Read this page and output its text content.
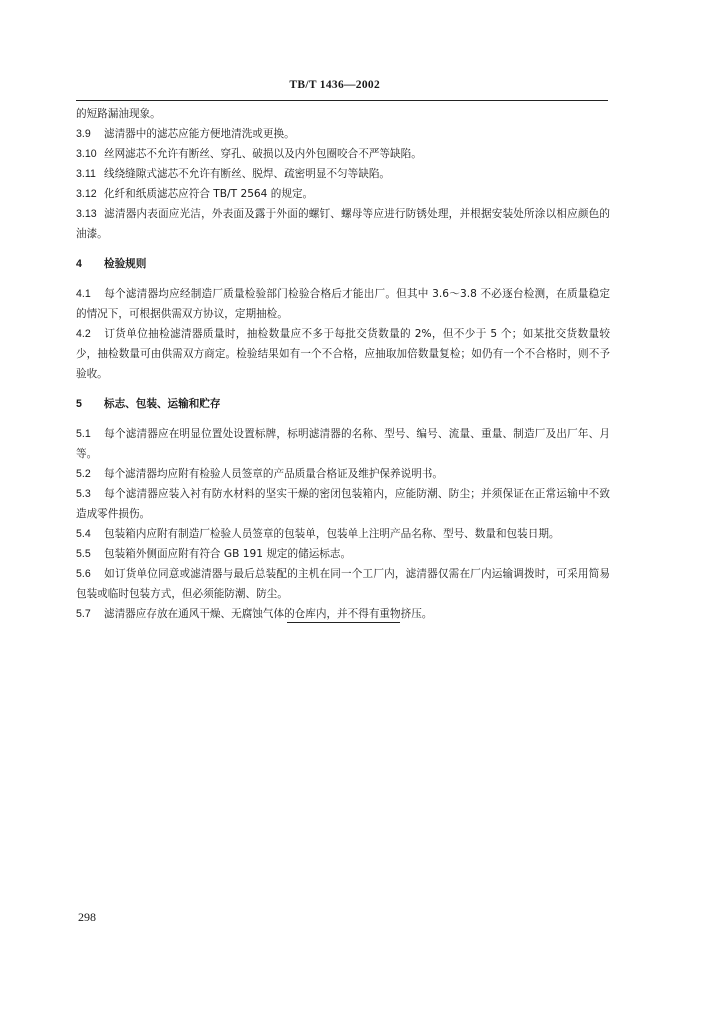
TB/T 1436—2002

的短路漏油现象。

3.9 滤清器中的滤芯应能方便地清洗或更换。

3.10 丝网滤芯不允许有断丝、穿孔、破损以及内外包圈咬合不严等缺陷。

3.11 线绕缝隙式滤芯不允许有断丝、脱焊、疏密明显不匀等缺陷。

3.12 化纤和纸质滤芯应符合 TB/T 2564 的规定。

3.13 滤清器内表面应光洁，外表面及露于外面的螺钉、螺母等应进行防锈处理，并根据安装处所涂以相应颜色的油漆。

4 检验规则

4.1 每个滤清器均应经制造厂质量检验部门检验合格后才能出厂。但其中 3.6～3.8 不必逐台检测，在质量稳定的情况下，可根据供需双方协议，定期抽检。

4.2 订货单位抽检滤清器质量时，抽检数量应不多于每批交货数量的 2%，但不少于 5 个；如某批交货数量较少，抽检数量可由供需双方商定。检验结果如有一个不合格，应抽取加倍数量复检；如仍有一个不合格时，则不予验收。

5 标志、包装、运输和贮存

5.1 每个滤清器应在明显位置处设置标牌，标明滤清器的名称、型号、编号、流量、重量、制造厂及出厂年、月等。

5.2 每个滤清器均应附有检验人员签章的产品质量合格证及维护保养说明书。

5.3 每个滤清器应装入衬有防水材料的坚实干燥的密闭包装箱内，应能防潮、防尘；并须保证在正常运输中不致造成零件损伤。

5.4 包装箱内应附有制造厂检验人员签章的包装单，包装单上注明产品名称、型号、数量和包装日期。

5.5 包装箱外侧面应附有符合 GB 191 规定的储运标志。

5.6 如订货单位同意或滤清器与最后总装配的主机在同一个工厂内，滤清器仅需在厂内运输调拨时，可采用简易包装或临时包装方式，但必须能防潮、防尘。

5.7 滤清器应存放在通风干燥、无腐蚀气体的仓库内，并不得有重物挤压。

298
